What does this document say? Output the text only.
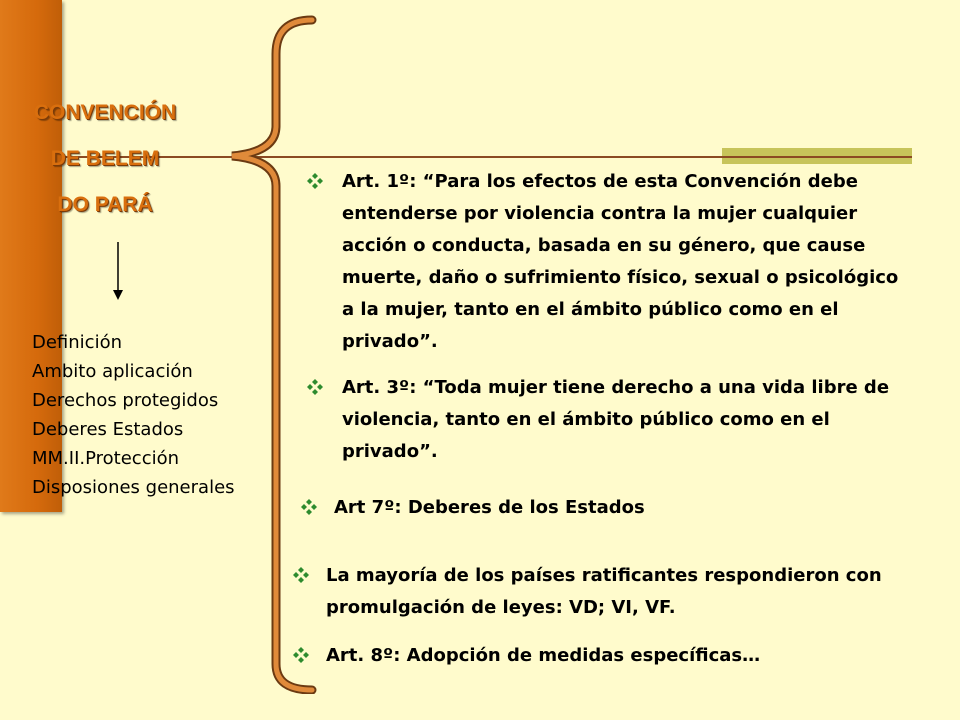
CONVENCIÓN
DE BELEM
DO PARÁ
Definición
Ambito aplicación
Derechos protegidos
Deberes Estados
MM.II.Protección
Disposiones generales
Art. 1º: “Para los efectos de esta Convención debe entenderse por violencia contra la mujer cualquier acción o conducta, basada en su género, que cause muerte, daño o sufrimiento físico, sexual o psicológico a la mujer, tanto en el ámbito público como en el privado”.
Art. 3º: “Toda mujer tiene derecho a una vida libre de violencia, tanto en el ámbito público como en el privado”.
Art 7º: Deberes de los Estados
La mayoría de los países ratificantes respondieron con promulgación de leyes: VD; VI, VF.
Art. 8º: Adopción de medidas específicas…
